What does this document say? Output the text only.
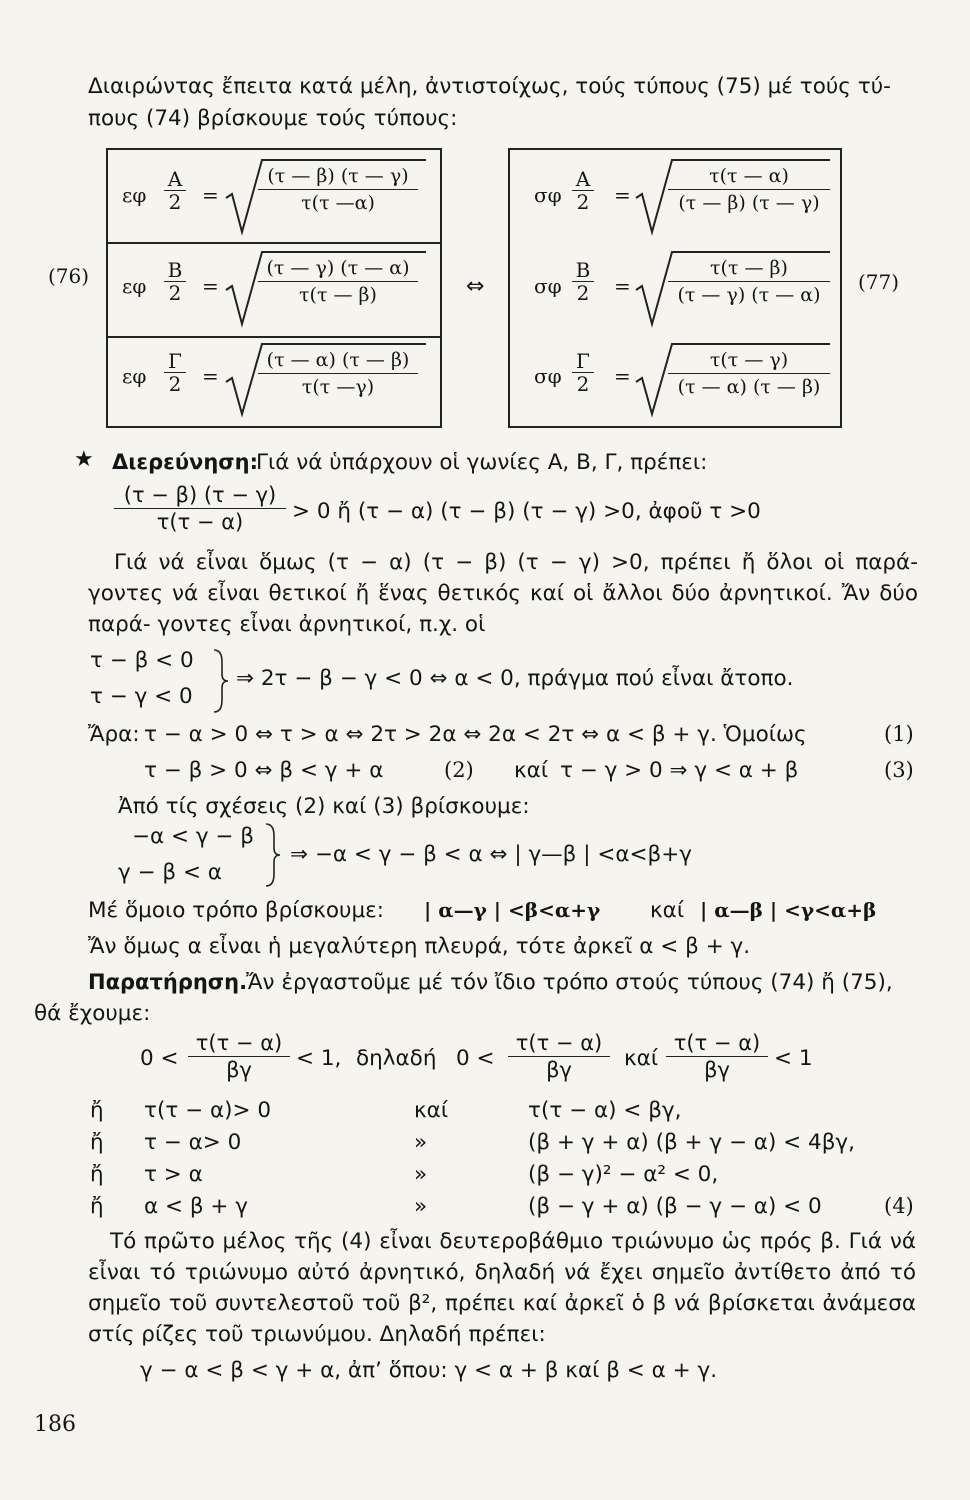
Διαιρώντας ἔπειτα κατά μέλη, ἀντιστοίχως, τούς τύπους (75) μέ τούς τύ-
πους (74) βρίσκουμε τούς τύπους:
(76)
εφ $\frac{A}{2}$ =
(τ — β) (τ — γ)
τ(τ —α)
εφ $\frac{B}{2}$ =
(τ — γ) (τ — α)
τ(τ — β)
εφ $\frac{\Gamma}{2}$ =
(τ — α) (τ — β)
τ(τ —γ)
⇔
σφ $\frac{A}{2}$ =
τ(τ — α)
(τ — β) (τ — γ)
σφ $\frac{B}{2}$ =
τ(τ — β)
(τ — γ) (τ — α)
σφ $\frac{\Gamma}{2}$ =
τ(τ — γ)
(τ — α) (τ — β)
(77)
★ Διερεύνηση:
Γιά νά ὑπάρχουν οἱ γωνίες A, B, Γ, πρέπει:
(τ − β) (τ − γ)
τ(τ − α)	> 0 ἤ (τ − α) (τ − β) (τ − γ) >0, ἀφοῦ τ >0
Γιά νά εἶναι ὅμως (τ − α) (τ − β) (τ − γ) >0, πρέπει ἤ ὅλοι οἱ παρά- γοντες νά εἶναι θετικοί ἤ ἕνας θετικός καί οἱ ἄλλοι δύο ἀρνητικοί. Ἄν δύο παρά- γοντες εἶναι ἀρνητικοί, π.χ. οἱ
τ − β < 0
τ − γ < 0
⇒ 2τ − β − γ < 0 ⇔ α < 0, πράγμα πού εἶναι ἄτοπο.
Ἄρα: τ − α > 0 ⇔ τ > α ⇔ 2τ > 2α ⇔ 2α < 2τ ⇔ α < β + γ. Ὁμοίως	(1)
τ − β > 0 ⇔ β < γ + α	(2) καί τ − γ > 0 ⇒ γ < α + β	(3)
Ἀπό τίς σχέσεις (2) καί (3) βρίσκουμε:
−α < γ − β
γ − β < α
⇒ −α < γ − β < α ⇔ | γ—β | <α<β+γ
Μέ ὅμοιο τρόπο βρίσκουμε: | α—γ | <β<α+γ καί | α—β | <γ<α+β
Ἄν ὅμως α εἶναι ἡ μεγαλύτερη πλευρά, τότε ἀρκεῖ α < β + γ.
Παρατήρηση.
Ἄν ἐργαστοῦμε μέ τόν ἴδιο τρόπο στούς τύπους (74) ἤ (75),
θά ἔχουμε:
0 <
τ(τ − α)
βγ	< 1, δηλαδή 0 <
τ(τ − α)
βγ	καί
τ(τ − α)
βγ	< 1
ἤ τ(τ − α)> 0	καί	τ(τ − α) < βγ,
ἤ τ − α> 0	»	(β + γ + α) (β + γ − α) < 4βγ,
ἤ τ > α	»	(β − γ)² − α² < 0,
ἤ α < β + γ	»	(β − γ + α) (β − γ − α) < 0	(4)
Τό πρῶτο μέλος τῆς (4) εἶναι δευτεροβάθμιο τριώνυμο ὡς πρός β. Γιά νά εἶναι τό τριώνυμο αὐτό ἀρνητικό, δηλαδή νά ἔχει σημεῖο ἀντίθετο ἀπό τό σημεῖο τοῦ συντελεστοῦ τοῦ β², πρέπει καί ἀρκεῖ ὁ β νά βρίσκεται ἀνάμεσα στίς ρίζες τοῦ τριωνύμου. Δηλαδή πρέπει:
γ − α < β < γ + α, ἀπ’ ὅπου: γ < α + β καί β < α + γ.
186
